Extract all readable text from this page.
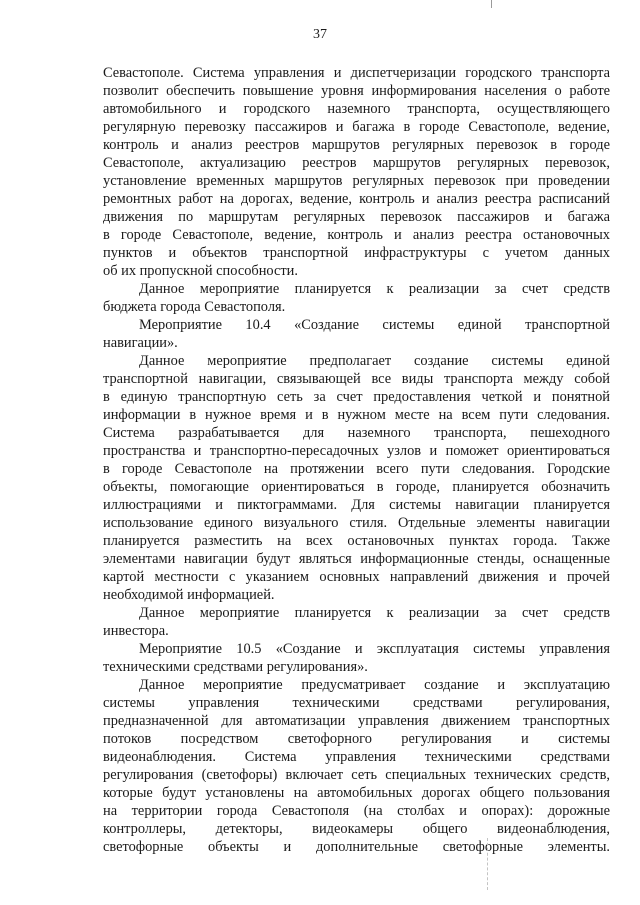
37
Севастополе. Система управления и диспетчеризации городского транспорта
позволит обеспечить повышение уровня информирования населения о работе
автомобильного и городского наземного транспорта, осуществляющего
регулярную перевозку пассажиров и багажа в городе Севастополе, ведение,
контроль и анализ реестров маршрутов регулярных перевозок в городе
Севастополе, актуализацию реестров маршрутов регулярных перевозок,
установление временных маршрутов регулярных перевозок при проведении
ремонтных работ на дорогах, ведение, контроль и анализ реестра расписаний
движения по маршрутам регулярных перевозок пассажиров и багажа
в городе Севастополе, ведение, контроль и анализ реестра остановочных
пунктов и объектов транспортной инфраструктуры с учетом данных
об их пропускной способности.
Данное мероприятие планируется к реализации за счет средств
бюджета города Севастополя.
Мероприятие 10.4 «Создание системы единой транспортной
навигации».
Данное мероприятие предполагает создание системы единой
транспортной навигации, связывающей все виды транспорта между собой
в единую транспортную сеть за счет предоставления четкой и понятной
информации в нужное время и в нужном месте на всем пути следования.
Система разрабатывается для наземного транспорта, пешеходного
пространства и транспортно-пересадочных узлов и поможет ориентироваться
в городе Севастополе на протяжении всего пути следования. Городские
объекты, помогающие ориентироваться в городе, планируется обозначить
иллюстрациями и пиктограммами. Для системы навигации планируется
использование единого визуального стиля. Отдельные элементы навигации
планируется разместить на всех остановочных пунктах города. Также
элементами навигации будут являться информационные стенды, оснащенные
картой местности с указанием основных направлений движения и прочей
необходимой информацией.
Данное мероприятие планируется к реализации за счет средств
инвестора.
Мероприятие 10.5 «Создание и эксплуатация системы управления
техническими средствами регулирования».
Данное мероприятие предусматривает создание и эксплуатацию
системы управления техническими средствами регулирования,
предназначенной для автоматизации управления движением транспортных
потоков посредством светофорного регулирования и системы
видеонаблюдения. Система управления техническими средствами
регулирования (светофоры) включает сеть специальных технических средств,
которые будут установлены на автомобильных дорогах общего пользования
на территории города Севастополя (на столбах и опорах): дорожные
контроллеры, детекторы, видеокамеры общего видеонаблюдения,
светофорные объекты и дополнительные светофорные элементы.
